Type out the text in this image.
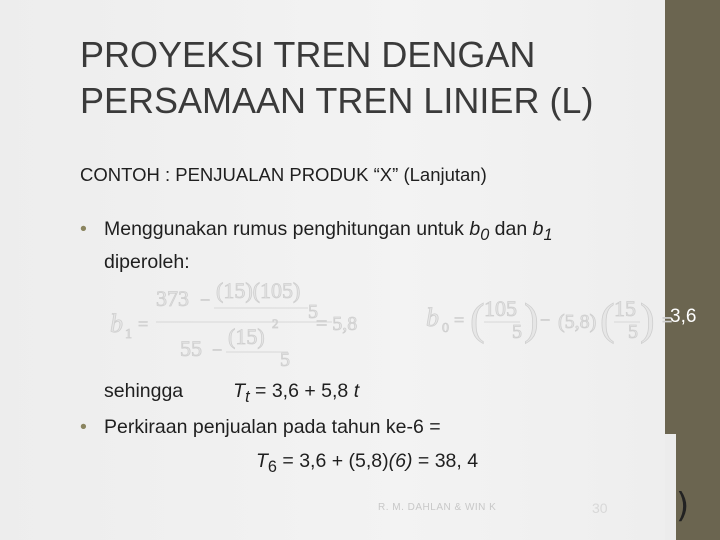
PROYEKSI TREN DENGAN PERSAMAAN TREN LINIER (L)
CONTOH : PENJUALAN PRODUK “X” (Lanjutan)
• Menggunakan rumus penghitungan untuk $b_0$ dan $b_1$
diperoleh:
b 1
=
373 − (15)(105)
5
55 −
(15)
2
5
= 5,8	b 0 = ( 105
5 ) − (5,8) ( 15
5 ) =
3,6
sehingga	$T_t = 3,6 + 5,8$ t
• Perkiraan penjualan pada tahun ke-6 =
$T_6 = 3,6 + (5,8)(6) = 38$, 4
R. M. DAHLAN & WIN K	30 )
